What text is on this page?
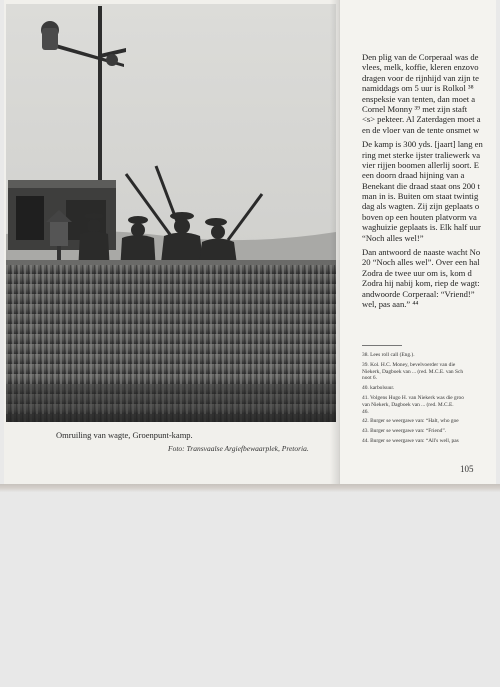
Omruiling van wagte, Groenpunt-kamp.
Foto: Transvaalse Argiefbewaarplek, Pretoria.
Den plig van de Corperaal was de
vlees, melk, koffie, kleren enzovo
dragen voor de rijnhijd van zijn te
namiddags om 5 uur is Rolkol ³⁸
enspeksie van tenten, dan moet a
Cornel Monny ³⁹ met zijn staft
<s> pekteer. Al Zaterdagen moet a
en de vloer van de tente onsmet w
De kamp is 300 yds. [jaart] lang en
ring met sterke ijster traliewerk va
vier rijjen boomen allerlij soort. E
een doorn draad hijning van a
Benekant die draad staat ons 200 t
man in is. Buiten om staat twintig
dag als wagten. Zij zijn geplaats o
boven op een houten platvorm va
waghuizie geplaats is. Elk half uur
“Noch alles wel!”
Dan antwoord de naaste wacht No
20 “Noch alles wel”. Over een hal
Zodra de twee uur om is, kom d
Zodra hij nabij kom, riep de wagt:
andwoorde Corperaal: “Vriend!”
wel, pas aan.” ⁴⁴
38. Lees roll call (Eng.).
39. Kol. H.C. Money, bevelvoerder van die
Niekerk, Dagboek van ... (red. M.C.E. van Sch
noot 6.
40. karbolsuur.
41. Volgens Hugo H. van Niekerk was die groo
van Niekerk, Dagboek van ... (red. M.C.E.
46.
42. Burger se weergawe van: “Halt, who goe
43. Burger se weergawe van: “Friend”.
44. Burger se weergawe van: “All's well, pas
105
